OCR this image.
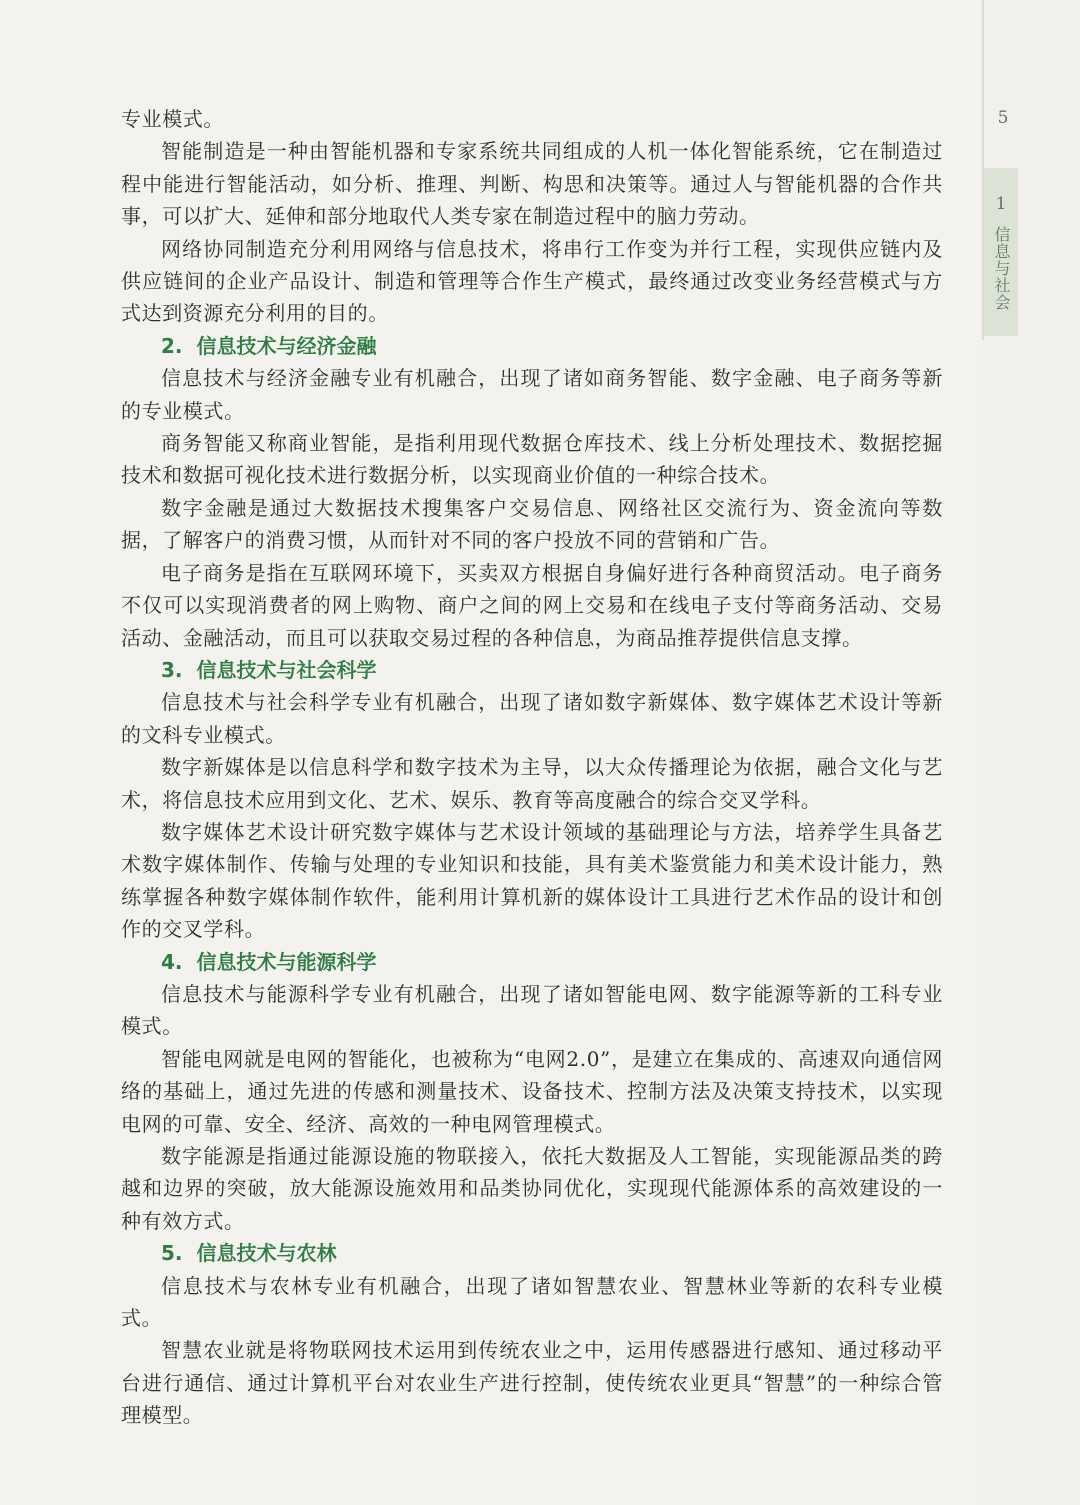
5
1
信息与社会

专业模式。

智能制造是一种由智能机器和专家系统共同组成的人机一体化智能系统，它在制造过程中能进行智能活动，如分析、推理、判断、构思和决策等。通过人与智能机器的合作共事，可以扩大、延伸和部分地取代人类专家在制造过程中的脑力劳动。

网络协同制造充分利用网络与信息技术，将串行工作变为并行工程，实现供应链内及供应链间的企业产品设计、制造和管理等合作生产模式，最终通过改变业务经营模式与方式达到资源充分利用的目的。

2. 信息技术与经济金融

信息技术与经济金融专业有机融合，出现了诸如商务智能、数字金融、电子商务等新的专业模式。

商务智能又称商业智能，是指利用现代数据仓库技术、线上分析处理技术、数据挖掘技术和数据可视化技术进行数据分析，以实现商业价值的一种综合技术。

数字金融是通过大数据技术搜集客户交易信息、网络社区交流行为、资金流向等数据，了解客户的消费习惯，从而针对不同的客户投放不同的营销和广告。

电子商务是指在互联网环境下，买卖双方根据自身偏好进行各种商贸活动。电子商务不仅可以实现消费者的网上购物、商户之间的网上交易和在线电子支付等商务活动、交易活动、金融活动，而且可以获取交易过程的各种信息，为商品推荐提供信息支撑。

3. 信息技术与社会科学

信息技术与社会科学专业有机融合，出现了诸如数字新媒体、数字媒体艺术设计等新的文科专业模式。

数字新媒体是以信息科学和数字技术为主导，以大众传播理论为依据，融合文化与艺术，将信息技术应用到文化、艺术、娱乐、教育等高度融合的综合交叉学科。

数字媒体艺术设计研究数字媒体与艺术设计领域的基础理论与方法，培养学生具备艺术数字媒体制作、传输与处理的专业知识和技能，具有美术鉴赏能力和美术设计能力，熟练掌握各种数字媒体制作软件，能利用计算机新的媒体设计工具进行艺术作品的设计和创作的交叉学科。

4. 信息技术与能源科学

信息技术与能源科学专业有机融合，出现了诸如智能电网、数字能源等新的工科专业模式。

智能电网就是电网的智能化，也被称为“电网2.0”，是建立在集成的、高速双向通信网络的基础上，通过先进的传感和测量技术、设备技术、控制方法及决策支持技术，以实现电网的可靠、安全、经济、高效的一种电网管理模式。

数字能源是指通过能源设施的物联接入，依托大数据及人工智能，实现能源品类的跨越和边界的突破，放大能源设施效用和品类协同优化，实现现代能源体系的高效建设的一种有效方式。

5. 信息技术与农林

信息技术与农林专业有机融合，出现了诸如智慧农业、智慧林业等新的农科专业模式。

智慧农业就是将物联网技术运用到传统农业之中，运用传感器进行感知、通过移动平台进行通信、通过计算机平台对农业生产进行控制，使传统农业更具“智慧”的一种综合管理模型。
